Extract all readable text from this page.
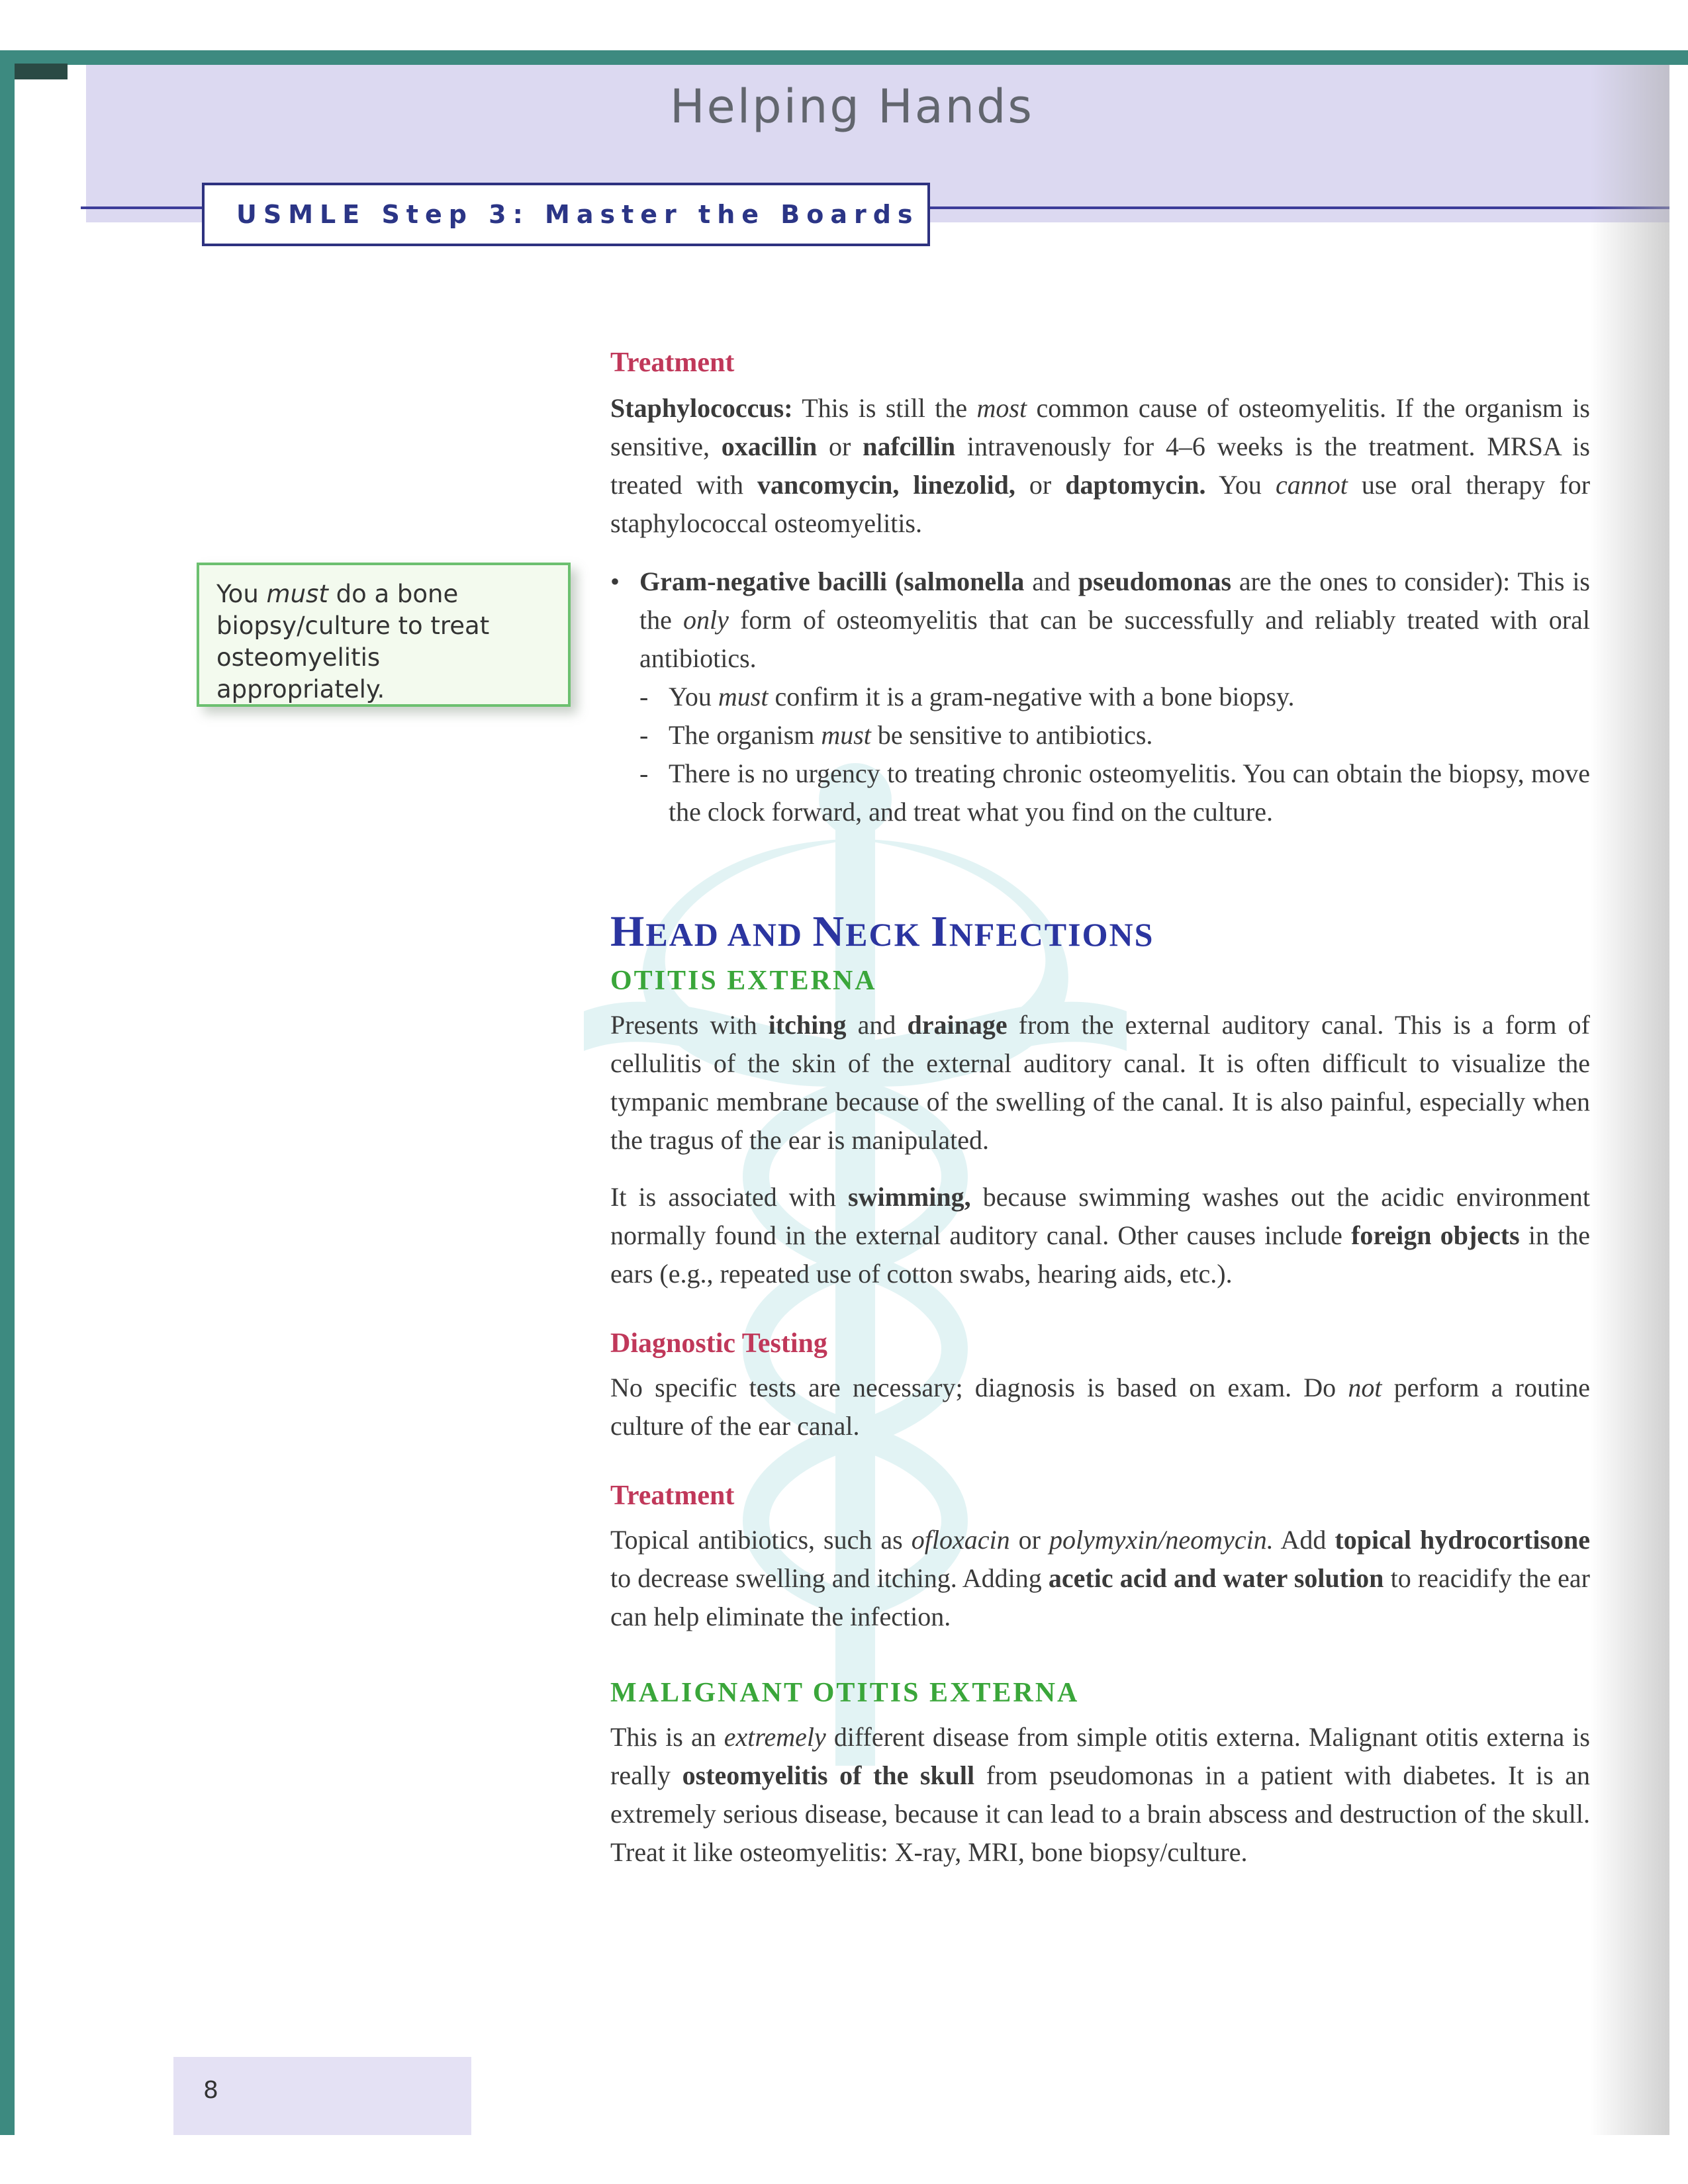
Helping Hands
USMLE Step 3: Master the Boards
You must do a bone biopsy/culture to treat osteomyelitis appropriately.
Treatment

Staphylococcus: This is still the most common cause of osteomyelitis. If the organism is sensitive, oxacillin or nafcillin intravenously for 4–6 weeks is the treatment. MRSA is treated with vancomycin, linezolid, or daptomycin. You cannot use oral therapy for staphylococcal osteomyelitis.

• Gram-negative bacilli (salmonella and pseudomonas are the ones to consider): This is the only form of osteomyelitis that can be successfully and reliably treated with oral antibiotics.

- You must confirm it is a gram-negative with a bone biopsy.

- The organism must be sensitive to antibiotics.

- There is no urgency to treating chronic osteomyelitis. You can obtain the biopsy, move the clock forward, and treat what you find on the culture.

HEAD AND NECK INFECTIONS
OTITIS EXTERNA

Presents with itching and drainage from the external auditory canal. This is a form of cellulitis of the skin of the external auditory canal. It is often difficult to visualize the tympanic membrane because of the swelling of the canal. It is also painful, especially when the tragus of the ear is manipulated.

It is associated with swimming, because swimming washes out the acidic environment normally found in the external auditory canal. Other causes include foreign objects in the ears (e.g., repeated use of cotton swabs, hearing aids, etc.).

Diagnostic Testing

No specific tests are necessary; diagnosis is based on exam. Do not perform a routine culture of the ear canal.

Treatment

Topical antibiotics, such as ofloxacin or polymyxin/neomycin. Add topical hydrocortisone to decrease swelling and itching. Adding acetic acid and water solution to reacidify the ear can help eliminate the infection.

MALIGNANT OTITIS EXTERNA

This is an extremely different disease from simple otitis externa. Malignant otitis externa is really osteomyelitis of the skull from pseudomonas in a patient with diabetes. It is an extremely serious disease, because it can lead to a brain abscess and destruction of the skull. Treat it like osteomyelitis: X-ray, MRI, bone biopsy/culture.

8
